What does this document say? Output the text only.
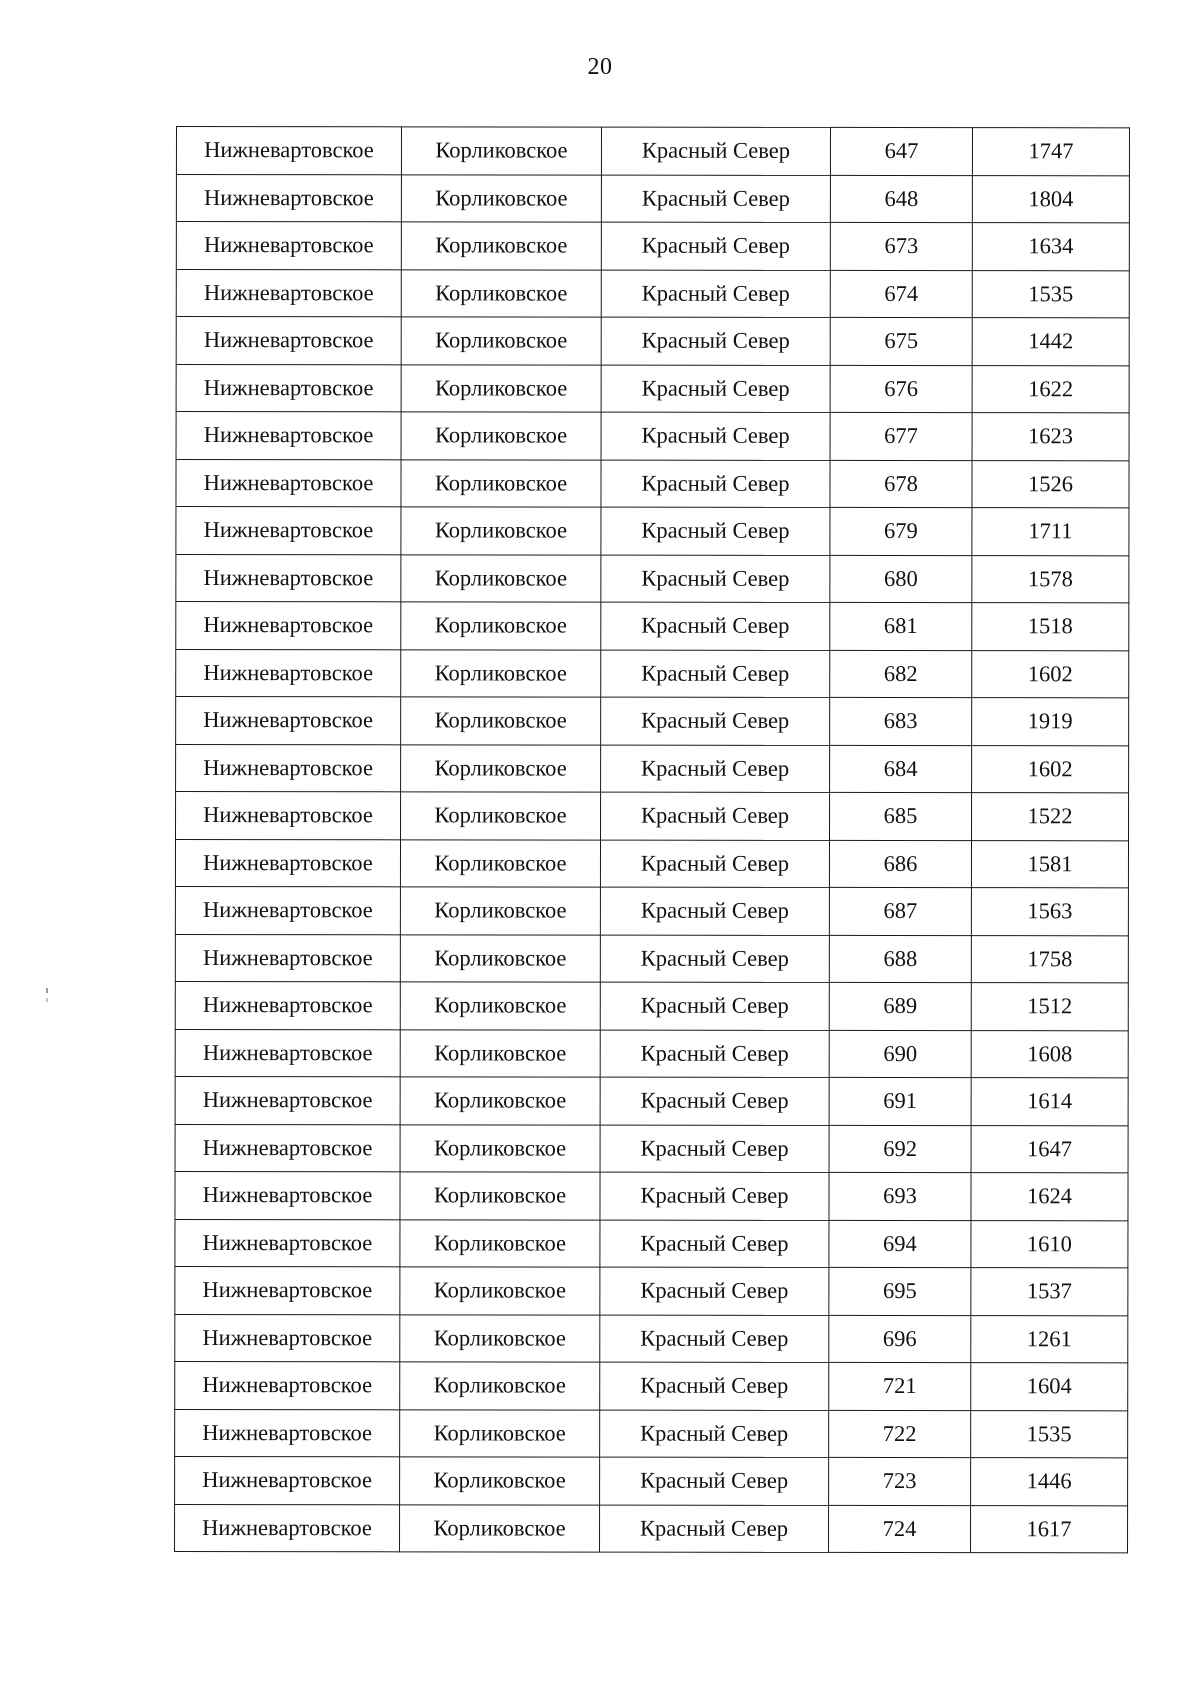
20
Нижневартовское	Корликовское	Красный Север	647	1747
Нижневартовское	Корликовское	Красный Север	648	1804
Нижневартовское	Корликовское	Красный Север	673	1634
Нижневартовское	Корликовское	Красный Север	674	1535
Нижневартовское	Корликовское	Красный Север	675	1442
Нижневартовское	Корликовское	Красный Север	676	1622
Нижневартовское	Корликовское	Красный Север	677	1623
Нижневартовское	Корликовское	Красный Север	678	1526
Нижневартовское	Корликовское	Красный Север	679	1711
Нижневартовское	Корликовское	Красный Север	680	1578
Нижневартовское	Корликовское	Красный Север	681	1518
Нижневартовское	Корликовское	Красный Север	682	1602
Нижневартовское	Корликовское	Красный Север	683	1919
Нижневартовское	Корликовское	Красный Север	684	1602
Нижневартовское	Корликовское	Красный Север	685	1522
Нижневартовское	Корликовское	Красный Север	686	1581
Нижневартовское	Корликовское	Красный Север	687	1563
Нижневартовское	Корликовское	Красный Север	688	1758
Нижневартовское	Корликовское	Красный Север	689	1512
Нижневартовское	Корликовское	Красный Север	690	1608
Нижневартовское	Корликовское	Красный Север	691	1614
Нижневартовское	Корликовское	Красный Север	692	1647
Нижневартовское	Корликовское	Красный Север	693	1624
Нижневартовское	Корликовское	Красный Север	694	1610
Нижневартовское	Корликовское	Красный Север	695	1537
Нижневартовское	Корликовское	Красный Север	696	1261
Нижневартовское	Корликовское	Красный Север	721	1604
Нижневартовское	Корликовское	Красный Север	722	1535
Нижневартовское	Корликовское	Красный Север	723	1446
Нижневартовское	Корликовское	Красный Север	724	1617
